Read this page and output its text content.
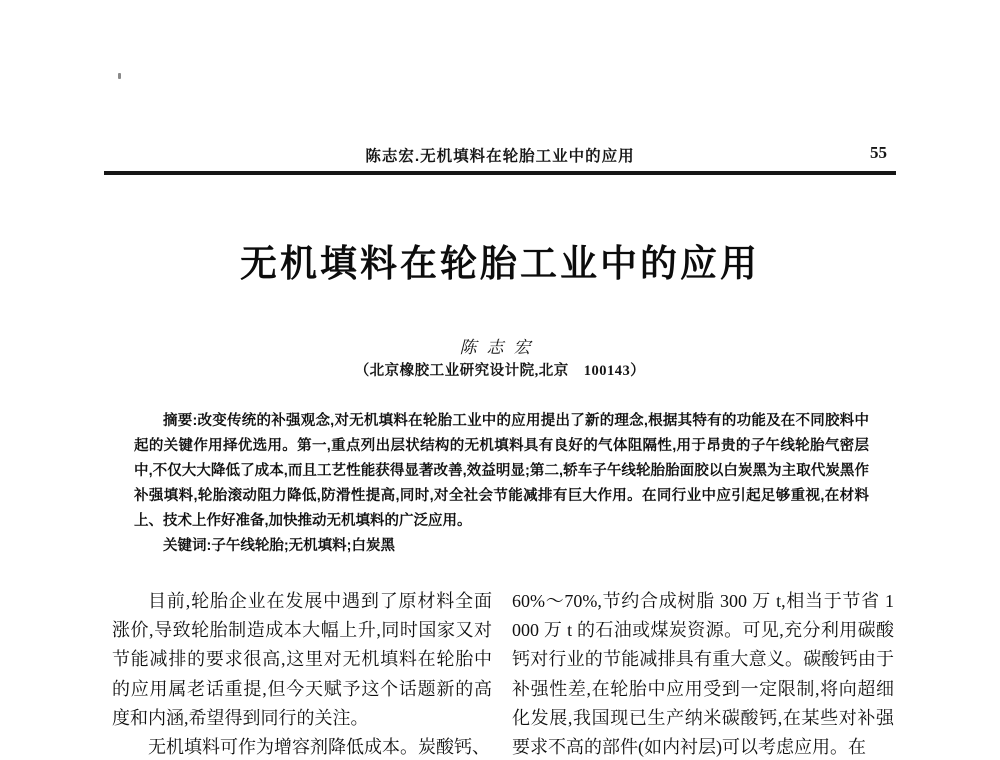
陈志宏.无机填料在轮胎工业中的应用	55
无机填料在轮胎工业中的应用
陈志宏
（北京橡胶工业研究设计院,北京　100143）

摘要:改变传统的补强观念,对无机填料在轮胎工业中的应用提出了新的理念,根据其特有的功能及在不同胶料中起的关键作用择优选用。第一,重点列出层状结构的无机填料具有良好的气体阻隔性,用于昂贵的子午线轮胎气密层中,不仅大大降低了成本,而且工艺性能获得显著改善,效益明显;第二,轿车子午线轮胎胎面胶以白炭黑为主取代炭黑作补强填料,轮胎滚动阻力降低,防滑性提高,同时,对全社会节能减排有巨大作用。在同行业中应引起足够重视,在材料上、技术上作好准备,加快推动无机填料的广泛应用。

关键词:子午线轮胎;无机填料;白炭黑

目前,轮胎企业在发展中遇到了原材料全面涨价,导致轮胎制造成本大幅上升,同时国家又对节能减排的要求很高,这里对无机填料在轮胎中的应用属老话重提,但今天赋予这个话题新的高度和内涵,希望得到同行的关注。

无机填料可作为增容剂降低成本。炭酸钙、

60%～70%,节约合成树脂 300 万 t,相当于节省 1 000 万 t 的石油或煤炭资源。可见,充分利用碳酸钙对行业的节能减排具有重大意义。碳酸钙由于补强性差,在轮胎中应用受到一定限制,将向超细化发展,我国现已生产纳米碳酸钙,在某些对补强要求不高的部件(如内衬层)可以考虑应用。在
